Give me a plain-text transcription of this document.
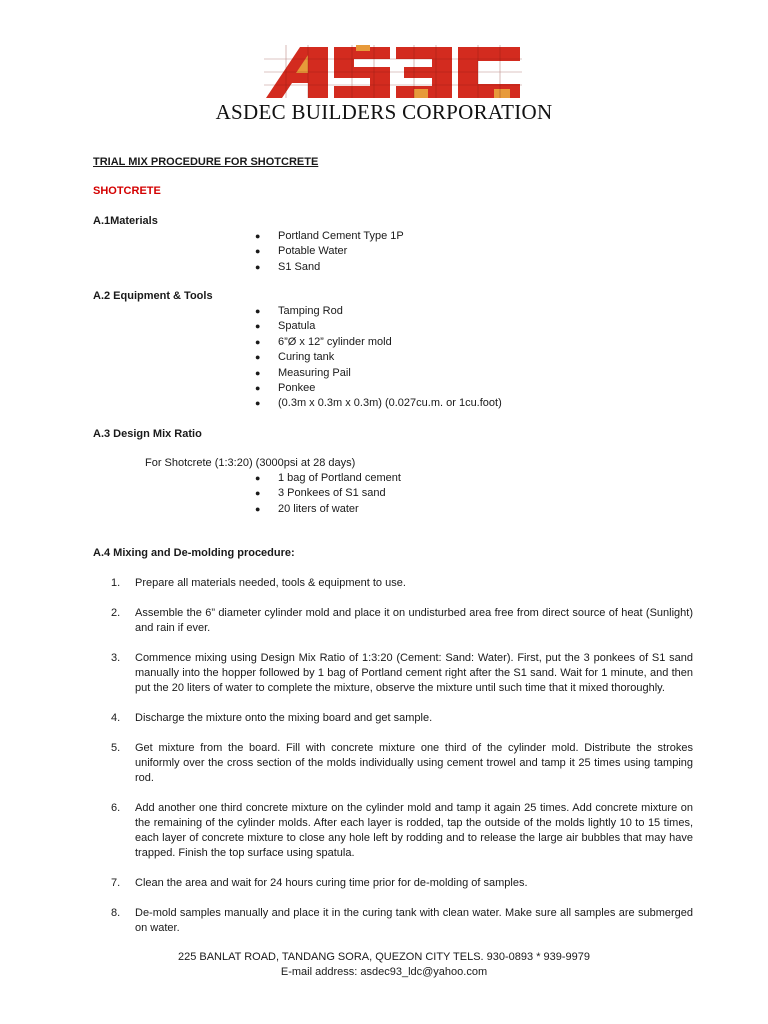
ASDEC BUILDERS CORPORATION
TRIAL MIX PROCEDURE FOR SHOTCRETE
SHOTCRETE
A.1Materials
● Portland Cement Type 1P
● Potable Water
● S1 Sand
A.2 Equipment & Tools
● Tamping Rod
● Spatula
● 6”Ø x 12” cylinder mold
● Curing tank
● Measuring Pail
● Ponkee
● (0.3m x 0.3m x 0.3m) (0.027cu.m. or 1cu.foot)
A.3 Design Mix Ratio
For Shotcrete (1:3:20) (3000psi at 28 days)
● 1 bag of Portland cement
● 3 Ponkees of S1 sand
● 20 liters of water
A.4 Mixing and De-molding procedure:
1.	Prepare all materials needed, tools & equipment to use.
2.	Assemble the 6” diameter cylinder mold and place it on undisturbed area free from direct source of heat (Sunlight) and rain if ever.
3.	Commence mixing using Design Mix Ratio of 1:3:20 (Cement: Sand: Water). First, put the 3 ponkees of S1 sand manually into the hopper followed by 1 bag of Portland cement right after the S1 sand. Wait for 1 minute, and then put the 20 liters of water to complete the mixture, observe the mixture until such time that it mixed thoroughly.
4.	Discharge the mixture onto the mixing board and get sample.
5.	Get mixture from the board. Fill with concrete mixture one third of the cylinder mold. Distribute the strokes uniformly over the cross section of the molds individually using cement trowel and tamp it 25 times using tamping rod.
6.	Add another one third concrete mixture on the cylinder mold and tamp it again 25 times. Add concrete mixture on the remaining of the cylinder molds. After each layer is rodded, tap the outside of the molds lightly 10 to 15 times, each layer of concrete mixture to close any hole left by rodding and to release the large air bubbles that may have trapped. Finish the top surface using spatula.
7.	Clean the area and wait for 24 hours curing time prior for de-molding of samples.
8.	De-mold samples manually and place it in the curing tank with clean water. Make sure all samples are submerged on water.
225 BANLAT ROAD, TANDANG SORA, QUEZON CITY TELS. 930-0893 * 939-9979
E-mail address: asdec93_ldc@yahoo.com
